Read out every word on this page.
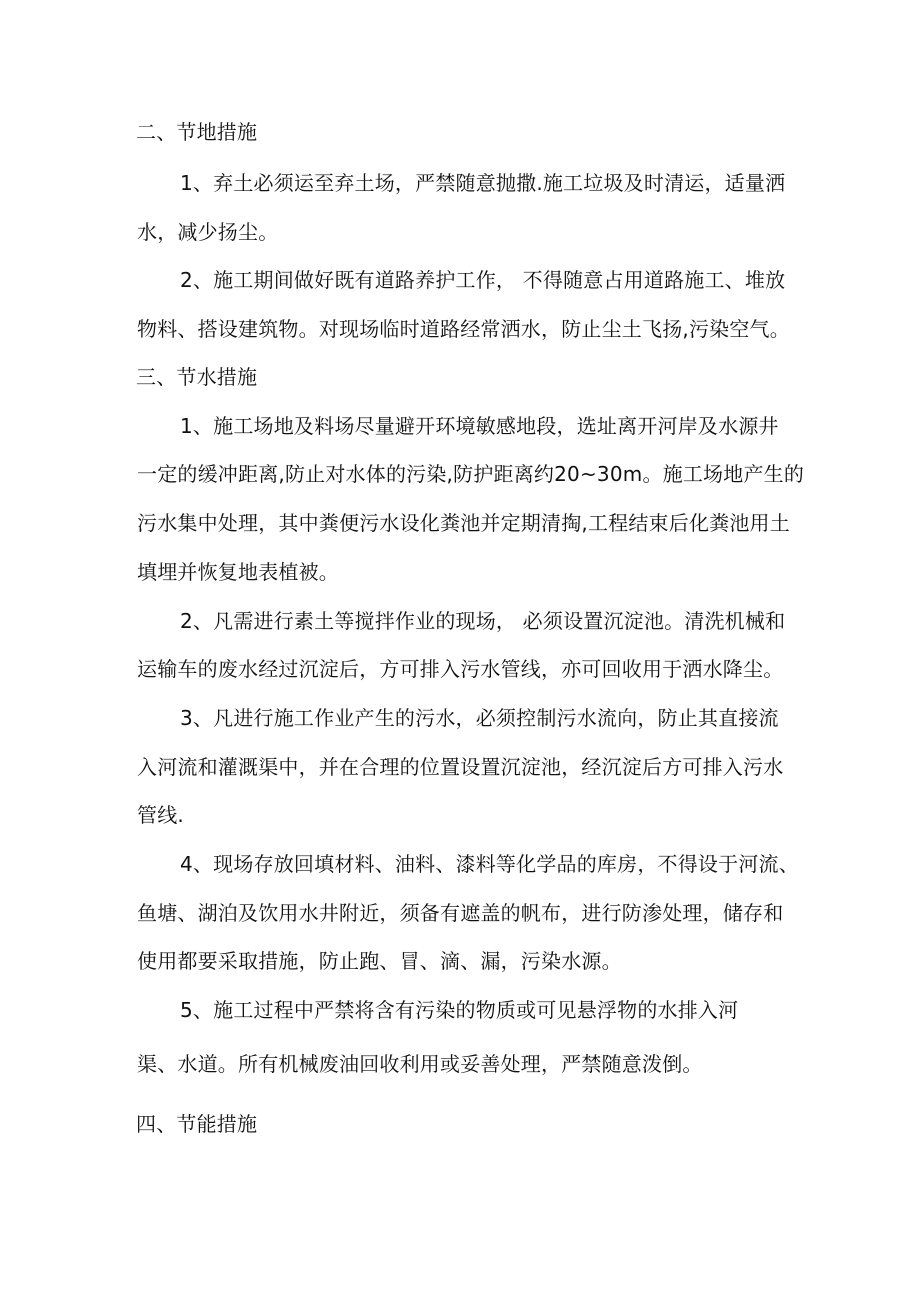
二、节地措施
1、弃土必须运至弃土场，严禁随意抛撒.施工垃圾及时清运，适量洒
水，减少扬尘。
2、施工期间做好既有道路养护工作， 不得随意占用道路施工、堆放
物料、搭设建筑物。对现场临时道路经常洒水，防止尘土飞扬,污染空气。
三、节水措施
1、施工场地及料场尽量避开环境敏感地段，选址离开河岸及水源井
一定的缓冲距离,防止对水体的污染,防护距离约20~30m。施工场地产生的
污水集中处理，其中粪便污水设化粪池并定期清掏,工程结束后化粪池用土
填埋并恢复地表植被。
2、凡需进行素土等搅拌作业的现场， 必须设置沉淀池。清洗机械和
运输车的废水经过沉淀后，方可排入污水管线，亦可回收用于洒水降尘。
3、凡进行施工作业产生的污水，必须控制污水流向，防止其直接流
入河流和灌溉渠中，并在合理的位置设置沉淀池，经沉淀后方可排入污水
管线.
4、现场存放回填材料、油料、漆料等化学品的库房，不得设于河流、
鱼塘、湖泊及饮用水井附近，须备有遮盖的帆布，进行防渗处理，储存和
使用都要采取措施，防止跑、冒、滴、漏，污染水源。
5、施工过程中严禁将含有污染的物质或可见悬浮物的水排入河
渠、水道。所有机械废油回收利用或妥善处理，严禁随意泼倒。
四、节能措施
